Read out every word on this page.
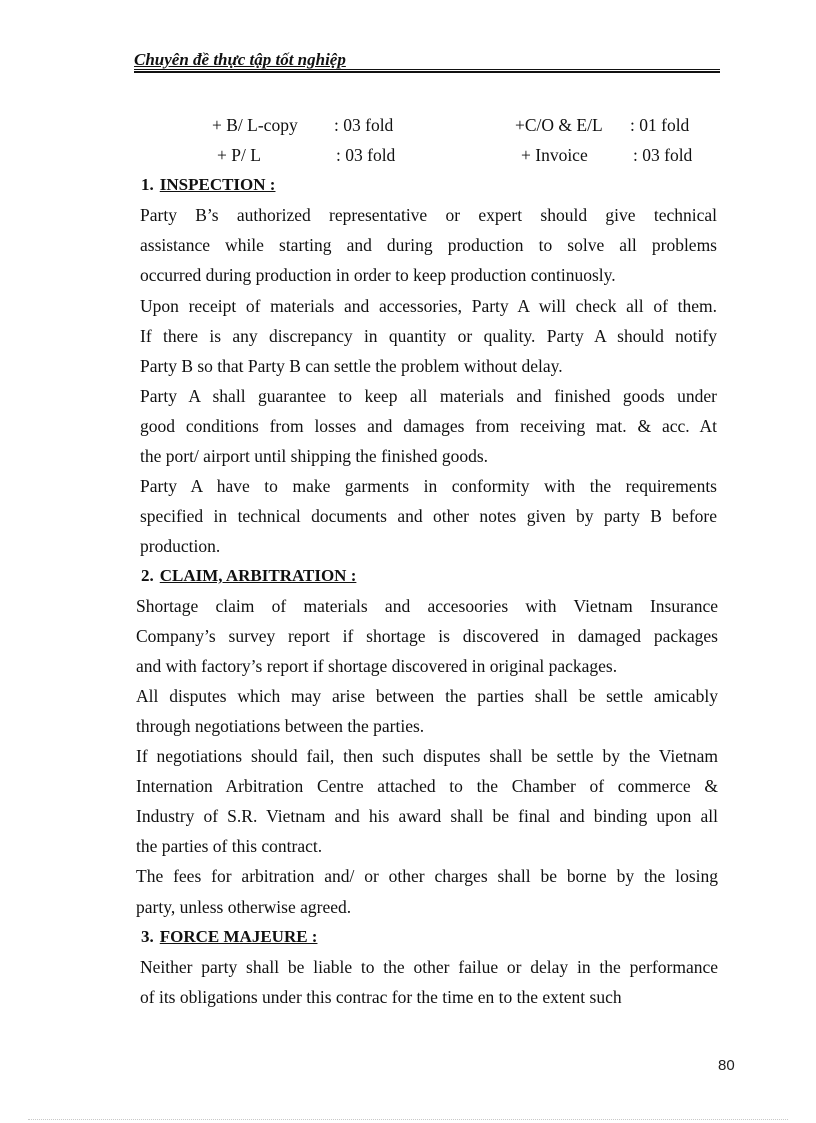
Chuyên đề thực tập tốt nghiệp
+ B/ L-copy : 03 fold	+C/O & E/L : 01 fold
+ P/ L	: 03 fold	+ Invoice	: 03 fold
1. INSPECTION :
Party B’s authorized representative or expert should give technical
assistance while starting and during production to solve all problems
occurred during production in order to keep production continuosly.
Upon receipt of materials and accessories, Party A will check all of them.
If there is any discrepancy in quantity or quality. Party A should notify
Party B so that Party B can settle the problem without delay.
Party A shall guarantee to keep all materials and finished goods under
good conditions from losses and damages from receiving mat. & acc. At
the port/ airport until shipping the finished goods.
Party A have to make garments in conformity with the requirements
specified in technical documents and other notes given by party B before
production.
2. CLAIM, ARBITRATION :
Shortage claim of materials and accesoories with Vietnam Insurance
Company’s survey report if shortage is discovered in damaged packages
and with factory’s report if shortage discovered in original packages.
All disputes which may arise between the parties shall be settle amicably
through negotiations between the parties.
If negotiations should fail, then such disputes shall be settle by the Vietnam
Internation Arbitration Centre attached to the Chamber of commerce &
Industry of S.R. Vietnam and his award shall be final and binding upon all
the parties of this contract.
The fees for arbitration and/ or other charges shall be borne by the losing
party, unless otherwise agreed.
3. FORCE MAJEURE :
Neither party shall be liable to the other failue or delay in the performance
of its obligations under this contrac for the time en to the extent such
80
